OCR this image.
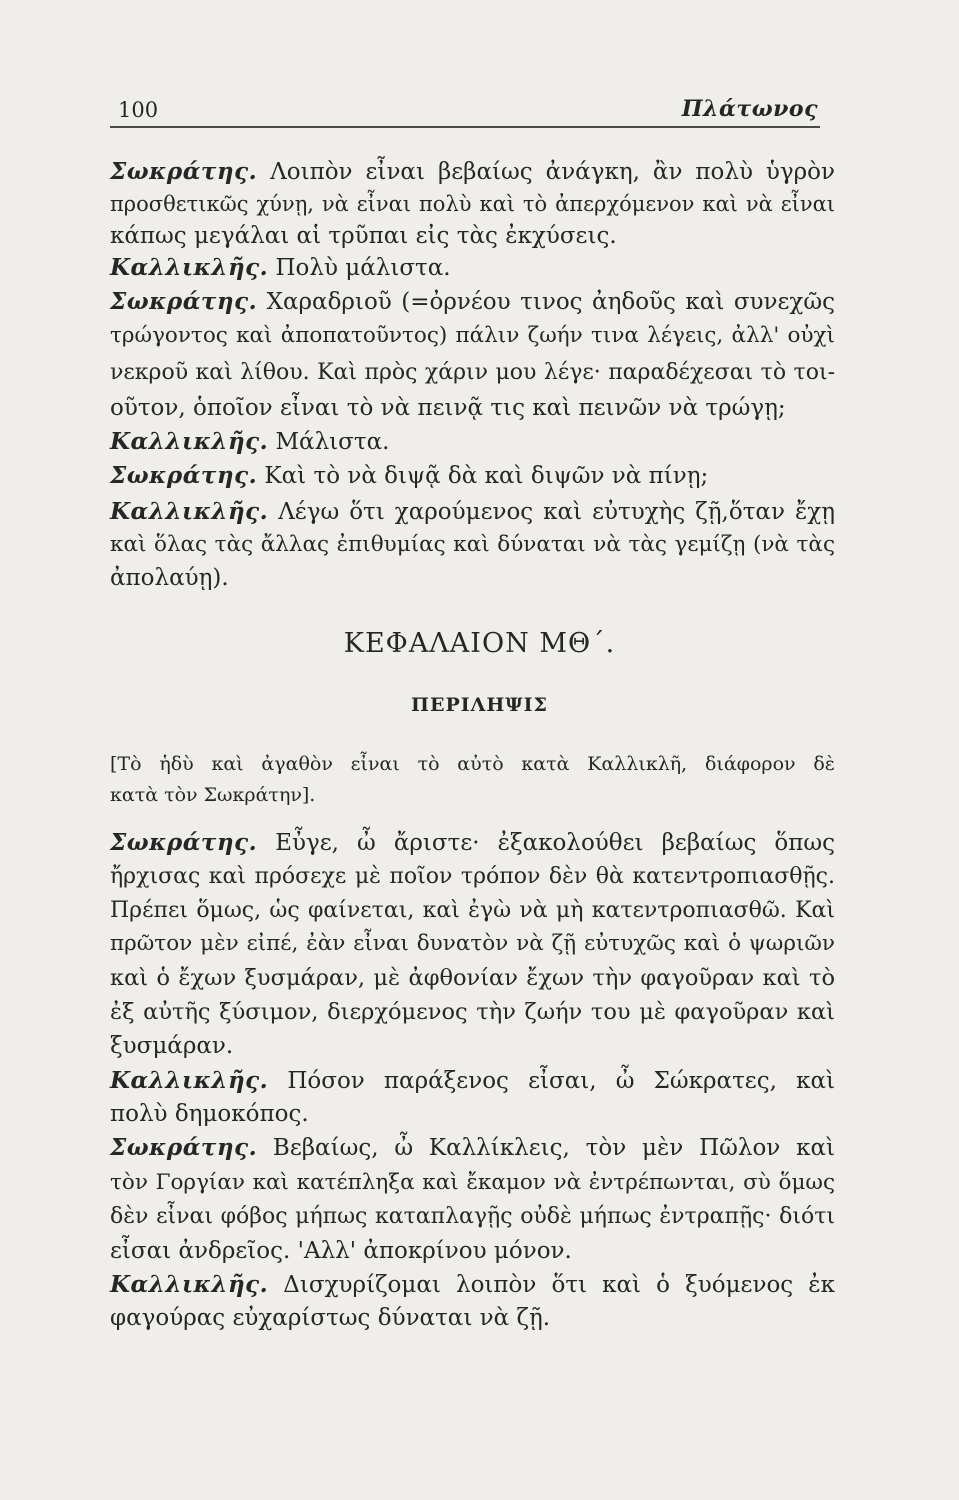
100	Πλάτωνος
Σωκράτης. Λοιπὸν εἶναι βεβαίως ἀνάγκη, ἂν πολὺ ὑγρὸν
προσθετικῶς χύνῃ, νὰ εἶναι πολὺ καὶ τὸ ἀπερχόμενον καὶ νὰ εἶναι
κάπως μεγάλαι αἱ τρῦπαι εἰς τὰς ἐκχύσεις.
Καλλικλῆς. Πολὺ μάλιστα.
Σωκράτης. Χαραδριοῦ (=ὀρνέου τινος ἀηδοῦς καὶ συνεχῶς
τρώγοντος καὶ ἀποπατοῦντος) πάλιν ζωήν τινα λέγεις, ἀλλ' οὐχὶ
νεκροῦ καὶ λίθου. Καὶ πρὸς χάριν μου λέγε· παραδέχεσαι τὸ τοι-
οῦτον, ὁποῖον εἶναι τὸ νὰ πεινᾷ τις καὶ πεινῶν νὰ τρώγῃ;
Καλλικλῆς. Μάλιστα.
Σωκράτης. Καὶ τὸ νὰ διψᾷ δὰ καὶ διψῶν νὰ πίνῃ;
Καλλικλῆς. Λέγω ὅτι χαρούμενος καὶ εὐτυχὴς ζῇ,ὅταν ἔχῃ
καὶ ὅλας τὰς ἄλλας ἐπιθυμίας καὶ δύναται νὰ τὰς γεμίζῃ (νὰ τὰς
ἀπολαύῃ).
ΚΕΦΑΛΑΙΟΝ ΜΘ΄.
ΠΕΡΙΛΗΨΙΣ
[Τὸ ἡδὺ καὶ ἀγαθὸν εἶναι τὸ αὐτὸ κατὰ Καλλικλῆ, διάφορον δὲ
κατὰ τὸν Σωκράτην].
Σωκράτης. Εὖγε, ὦ ἄριστε· ἐξακολούθει βεβαίως ὅπως
ἤρχισας καὶ πρόσεχε μὲ ποῖον τρόπον δὲν θὰ κατεντροπιασθῇς.
Πρέπει ὅμως, ὡς φαίνεται, καὶ ἐγὼ νὰ μὴ κατεντροπιασθῶ. Καὶ
πρῶτον μὲν εἰπέ, ἐὰν εἶναι δυνατὸν νὰ ζῇ εὐτυχῶς καὶ ὁ ψωριῶν
καὶ ὁ ἔχων ξυσμάραν, μὲ ἀφθονίαν ἔχων τὴν φαγοῦραν καὶ τὸ
ἐξ αὐτῆς ξύσιμον, διερχόμενος τὴν ζωήν του μὲ φαγοῦραν καὶ
ξυσμάραν.
Καλλικλῆς. Πόσον παράξενος εἶσαι, ὦ Σώκρατες, καὶ
πολὺ δημοκόπος.
Σωκράτης. Βεβαίως, ὦ Καλλίκλεις, τὸν μὲν Πῶλον καὶ
τὸν Γοργίαν καὶ κατέπληξα καὶ ἔκαμον νὰ ἐντρέπωνται, σὺ ὅμως
δὲν εἶναι φόβος μήπως καταπλαγῇς οὐδὲ μήπως ἐντραπῇς· διότι
εἶσαι ἀνδρεῖος. 'Αλλ' ἀποκρίνου μόνον.
Καλλικλῆς. Δισχυρίζομαι λοιπὸν ὅτι καὶ ὁ ξυόμενος ἐκ
φαγούρας εὐχαρίστως δύναται νὰ ζῇ.
